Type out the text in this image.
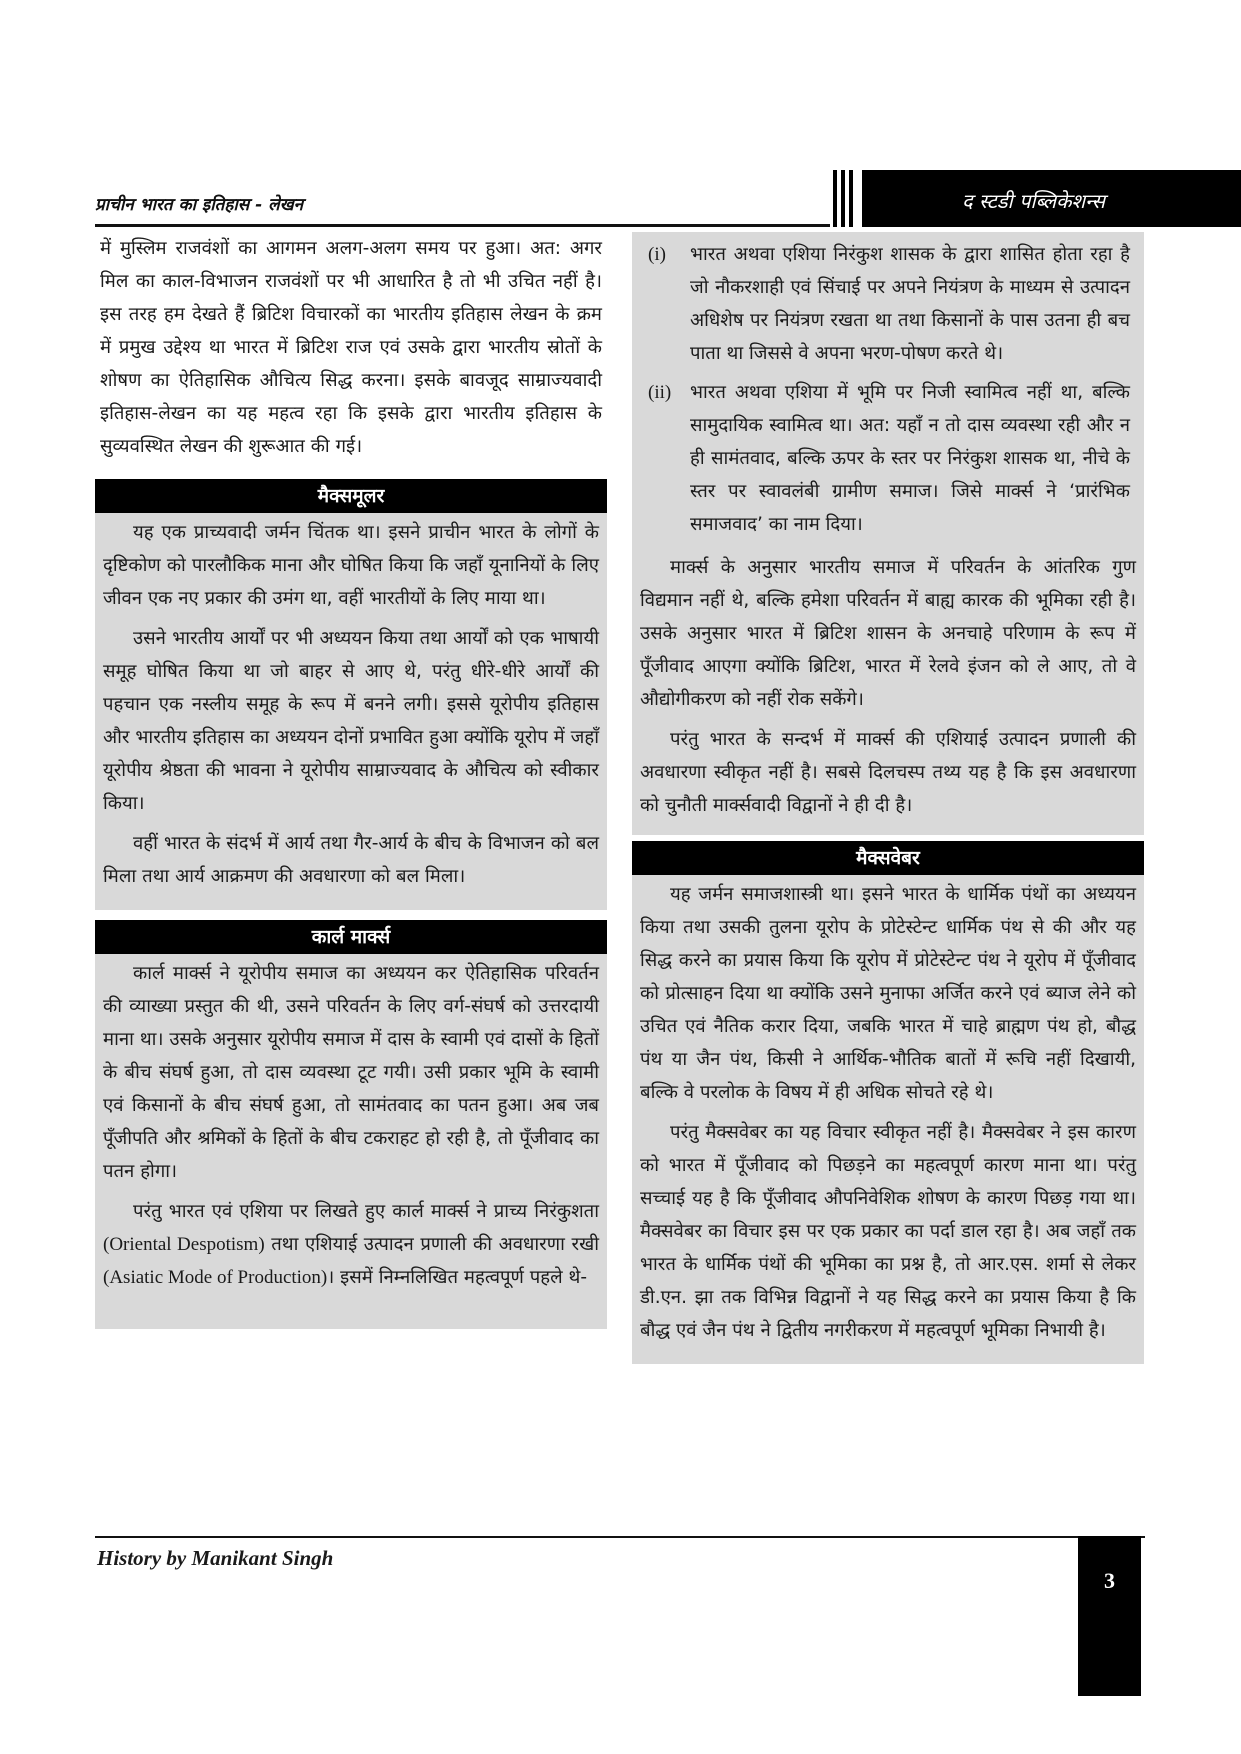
प्राचीन भारत का इतिहास - लेखन	द स्टडी पब्लिकेशन्स

में मुस्लिम राजवंशों का आगमन अलग-अलग समय पर हुआ। अत: अगर मिल का काल-विभाजन राजवंशों पर भी आधारित है तो भी उचित नहीं है। इस तरह हम देखते हैं ब्रिटिश विचारकों का भारतीय इतिहास लेखन के क्रम में प्रमुख उद्देश्य था भारत में ब्रिटिश राज एवं उसके द्वारा भारतीय स्रोतों के शोषण का ऐतिहासिक औचित्य सिद्ध करना। इसके बावजूद साम्राज्यवादी इतिहास-लेखन का यह महत्व रहा कि इसके द्वारा भारतीय इतिहास के सुव्यवस्थित लेखन की शुरूआत की गई।

मैक्समूलर

यह एक प्राच्यवादी जर्मन चिंतक था। इसने प्राचीन भारत के लोगों के दृष्टिकोण को पारलौकिक माना और घोषित किया कि जहाँ यूनानियों के लिए जीवन एक नए प्रकार की उमंग था, वहीं भारतीयों के लिए माया था।

उसने भारतीय आर्यों पर भी अध्ययन किया तथा आर्यों को एक भाषायी समूह घोषित किया था जो बाहर से आए थे, परंतु धीरे-धीरे आर्यों की पहचान एक नस्लीय समूह के रूप में बनने लगी। इससे यूरोपीय इतिहास और भारतीय इतिहास का अध्ययन दोनों प्रभावित हुआ क्योंकि यूरोप में जहाँ यूरोपीय श्रेष्ठता की भावना ने यूरोपीय साम्राज्यवाद के औचित्य को स्वीकार किया।

वहीं भारत के संदर्भ में आर्य तथा गैर-आर्य के बीच के विभाजन को बल मिला तथा आर्य आक्रमण की अवधारणा को बल मिला।

कार्ल मार्क्स

कार्ल मार्क्स ने यूरोपीय समाज का अध्ययन कर ऐतिहासिक परिवर्तन की व्याख्या प्रस्तुत की थी, उसने परिवर्तन के लिए वर्ग-संघर्ष को उत्तरदायी माना था। उसके अनुसार यूरोपीय समाज में दास के स्वामी एवं दासों के हितों के बीच संघर्ष हुआ, तो दास व्यवस्था टूट गयी। उसी प्रकार भूमि के स्वामी एवं किसानों के बीच संघर्ष हुआ, तो सामंतवाद का पतन हुआ। अब जब पूँजीपति और श्रमिकों के हितों के बीच टकराहट हो रही है, तो पूँजीवाद का पतन होगा।

परंतु भारत एवं एशिया पर लिखते हुए कार्ल मार्क्स ने प्राच्य निरंकुशता (Oriental Despotism) तथा एशियाई उत्पादन प्रणाली की अवधारणा रखी (Asiatic Mode of Production)। इसमें निम्नलिखित महत्वपूर्ण पहले थे-

(i)	भारत अथवा एशिया निरंकुश शासक के द्वारा शासित होता रहा है जो नौकरशाही एवं सिंचाई पर अपने नियंत्रण के माध्यम से उत्पादन अधिशेष पर नियंत्रण रखता था तथा किसानों के पास उतना ही बच पाता था जिससे वे अपना भरण-पोषण करते थे।
(ii)	भारत अथवा एशिया में भूमि पर निजी स्वामित्व नहीं था, बल्कि सामुदायिक स्वामित्व था। अत: यहाँ न तो दास व्यवस्था रही और न ही सामंतवाद, बल्कि ऊपर के स्तर पर निरंकुश शासक था, नीचे के स्तर पर स्वावलंबी ग्रामीण समाज। जिसे मार्क्स ने ‘प्रारंभिक समाजवाद’ का नाम दिया।

मार्क्स के अनुसार भारतीय समाज में परिवर्तन के आंतरिक गुण विद्यमान नहीं थे, बल्कि हमेशा परिवर्तन में बाह्य कारक की भूमिका रही है। उसके अनुसार भारत में ब्रिटिश शासन के अनचाहे परिणाम के रूप में पूँजीवाद आएगा क्योंकि ब्रिटिश, भारत में रेलवे इंजन को ले आए, तो वे औद्योगीकरण को नहीं रोक सकेंगे।

परंतु भारत के सन्दर्भ में मार्क्स की एशियाई उत्पादन प्रणाली की अवधारणा स्वीकृत नहीं है। सबसे दिलचस्प तथ्य यह है कि इस अवधारणा को चुनौती मार्क्सवादी विद्वानों ने ही दी है।

मैक्सवेबर

यह जर्मन समाजशास्त्री था। इसने भारत के धार्मिक पंथों का अध्ययन किया तथा उसकी तुलना यूरोप के प्रोटेस्टेन्ट धार्मिक पंथ से की और यह सिद्ध करने का प्रयास किया कि यूरोप में प्रोटेस्टेन्ट पंथ ने यूरोप में पूँजीवाद को प्रोत्साहन दिया था क्योंकि उसने मुनाफा अर्जित करने एवं ब्याज लेने को उचित एवं नैतिक करार दिया, जबकि भारत में चाहे ब्राह्मण पंथ हो, बौद्ध पंथ या जैन पंथ, किसी ने आर्थिक-भौतिक बातों में रूचि नहीं दिखायी, बल्कि वे परलोक के विषय में ही अधिक सोचते रहे थे।

परंतु मैक्सवेबर का यह विचार स्वीकृत नहीं है। मैक्सवेबर ने इस कारण को भारत में पूँजीवाद को पिछड़ने का महत्वपूर्ण कारण माना था। परंतु सच्चाई यह है कि पूँजीवाद औपनिवेशिक शोषण के कारण पिछड़ गया था। मैक्सवेबर का विचार इस पर एक प्रकार का पर्दा डाल रहा है। अब जहाँ तक भारत के धार्मिक पंथों की भूमिका का प्रश्न है, तो आर.एस. शर्मा से लेकर डी.एन. झा तक विभिन्न विद्वानों ने यह सिद्ध करने का प्रयास किया है कि बौद्ध एवं जैन पंथ ने द्वितीय नगरीकरण में महत्वपूर्ण भूमिका निभायी है।

History by Manikant Singh
3
